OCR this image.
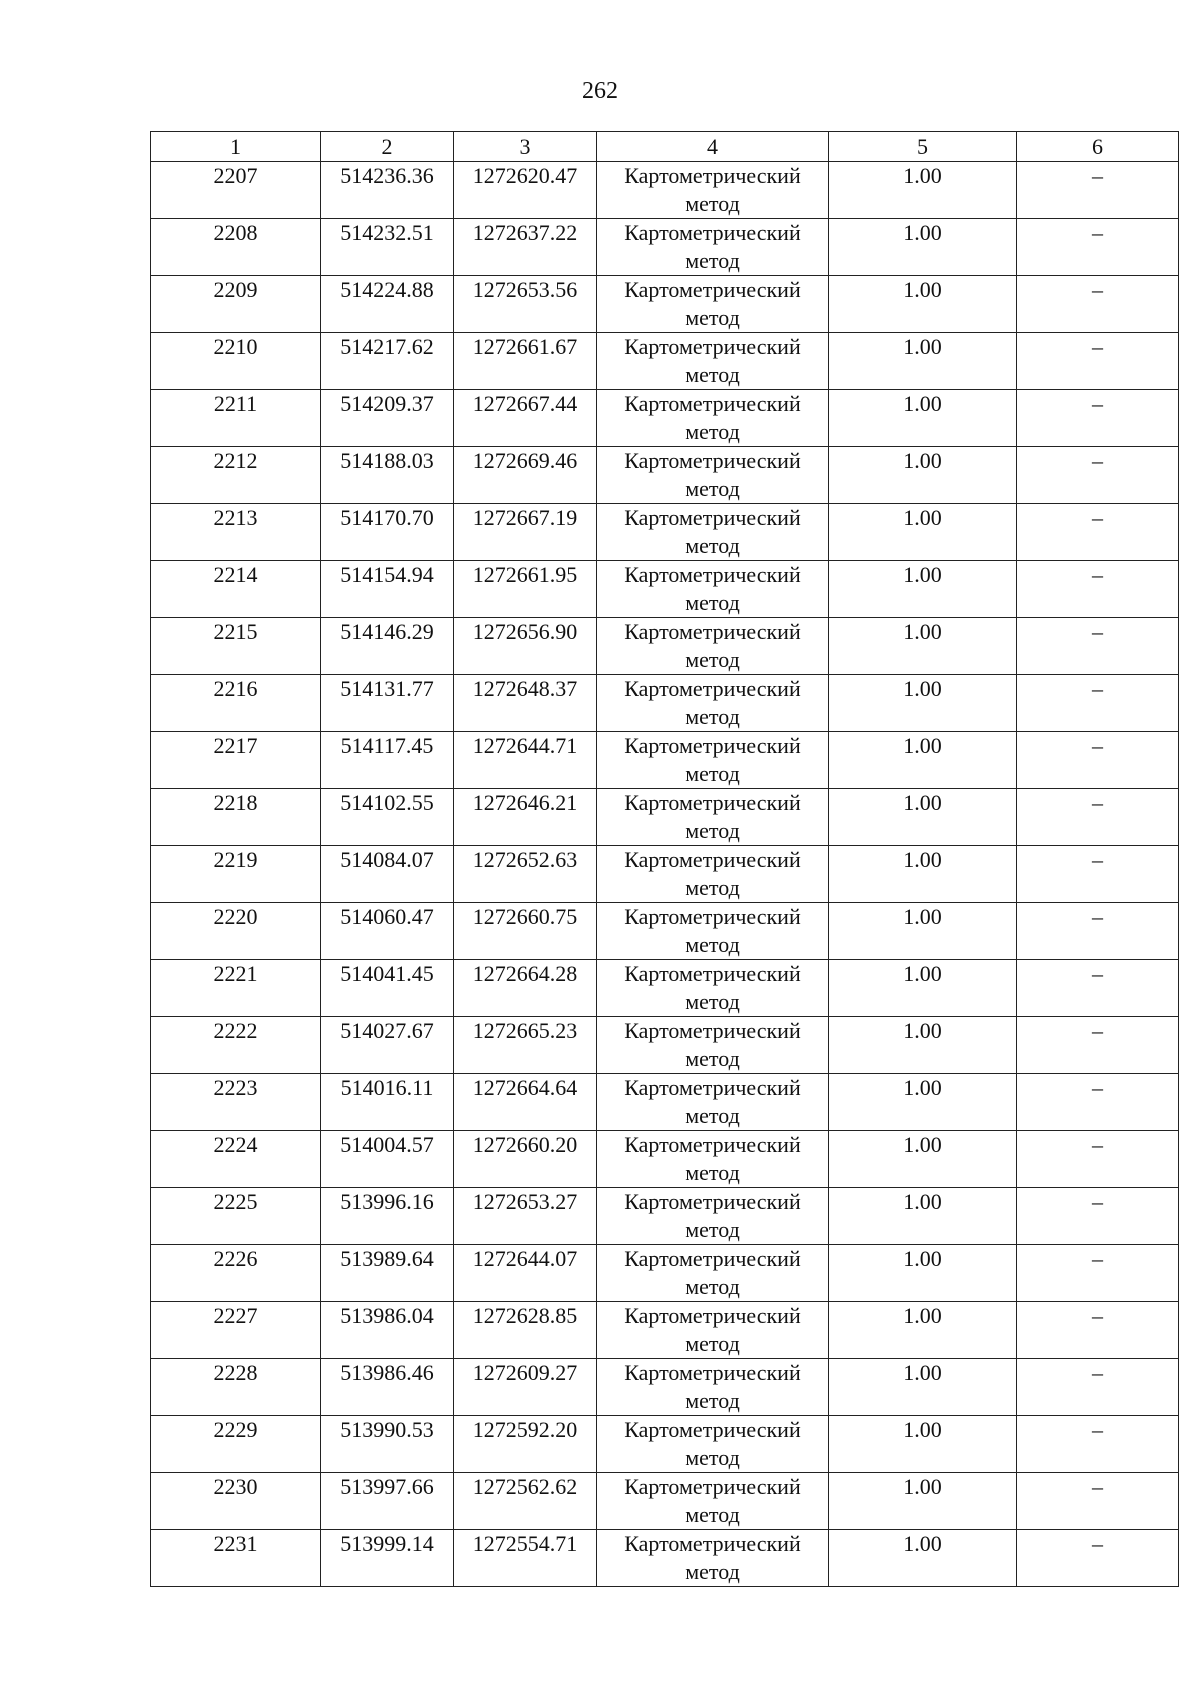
262
1	2	3	4	5	6
2207	514236.36	1272620.47	Картометрический метод	1.00	–
2208	514232.51	1272637.22	Картометрический метод	1.00	–
2209	514224.88	1272653.56	Картометрический метод	1.00	–
2210	514217.62	1272661.67	Картометрический метод	1.00	–
2211	514209.37	1272667.44	Картометрический метод	1.00	–
2212	514188.03	1272669.46	Картометрический метод	1.00	–
2213	514170.70	1272667.19	Картометрический метод	1.00	–
2214	514154.94	1272661.95	Картометрический метод	1.00	–
2215	514146.29	1272656.90	Картометрический метод	1.00	–
2216	514131.77	1272648.37	Картометрический метод	1.00	–
2217	514117.45	1272644.71	Картометрический метод	1.00	–
2218	514102.55	1272646.21	Картометрический метод	1.00	–
2219	514084.07	1272652.63	Картометрический метод	1.00	–
2220	514060.47	1272660.75	Картометрический метод	1.00	–
2221	514041.45	1272664.28	Картометрический метод	1.00	–
2222	514027.67	1272665.23	Картометрический метод	1.00	–
2223	514016.11	1272664.64	Картометрический метод	1.00	–
2224	514004.57	1272660.20	Картометрический метод	1.00	–
2225	513996.16	1272653.27	Картометрический метод	1.00	–
2226	513989.64	1272644.07	Картометрический метод	1.00	–
2227	513986.04	1272628.85	Картометрический метод	1.00	–
2228	513986.46	1272609.27	Картометрический метод	1.00	–
2229	513990.53	1272592.20	Картометрический метод	1.00	–
2230	513997.66	1272562.62	Картометрический метод	1.00	–
2231	513999.14	1272554.71	Картометрический метод	1.00	–
